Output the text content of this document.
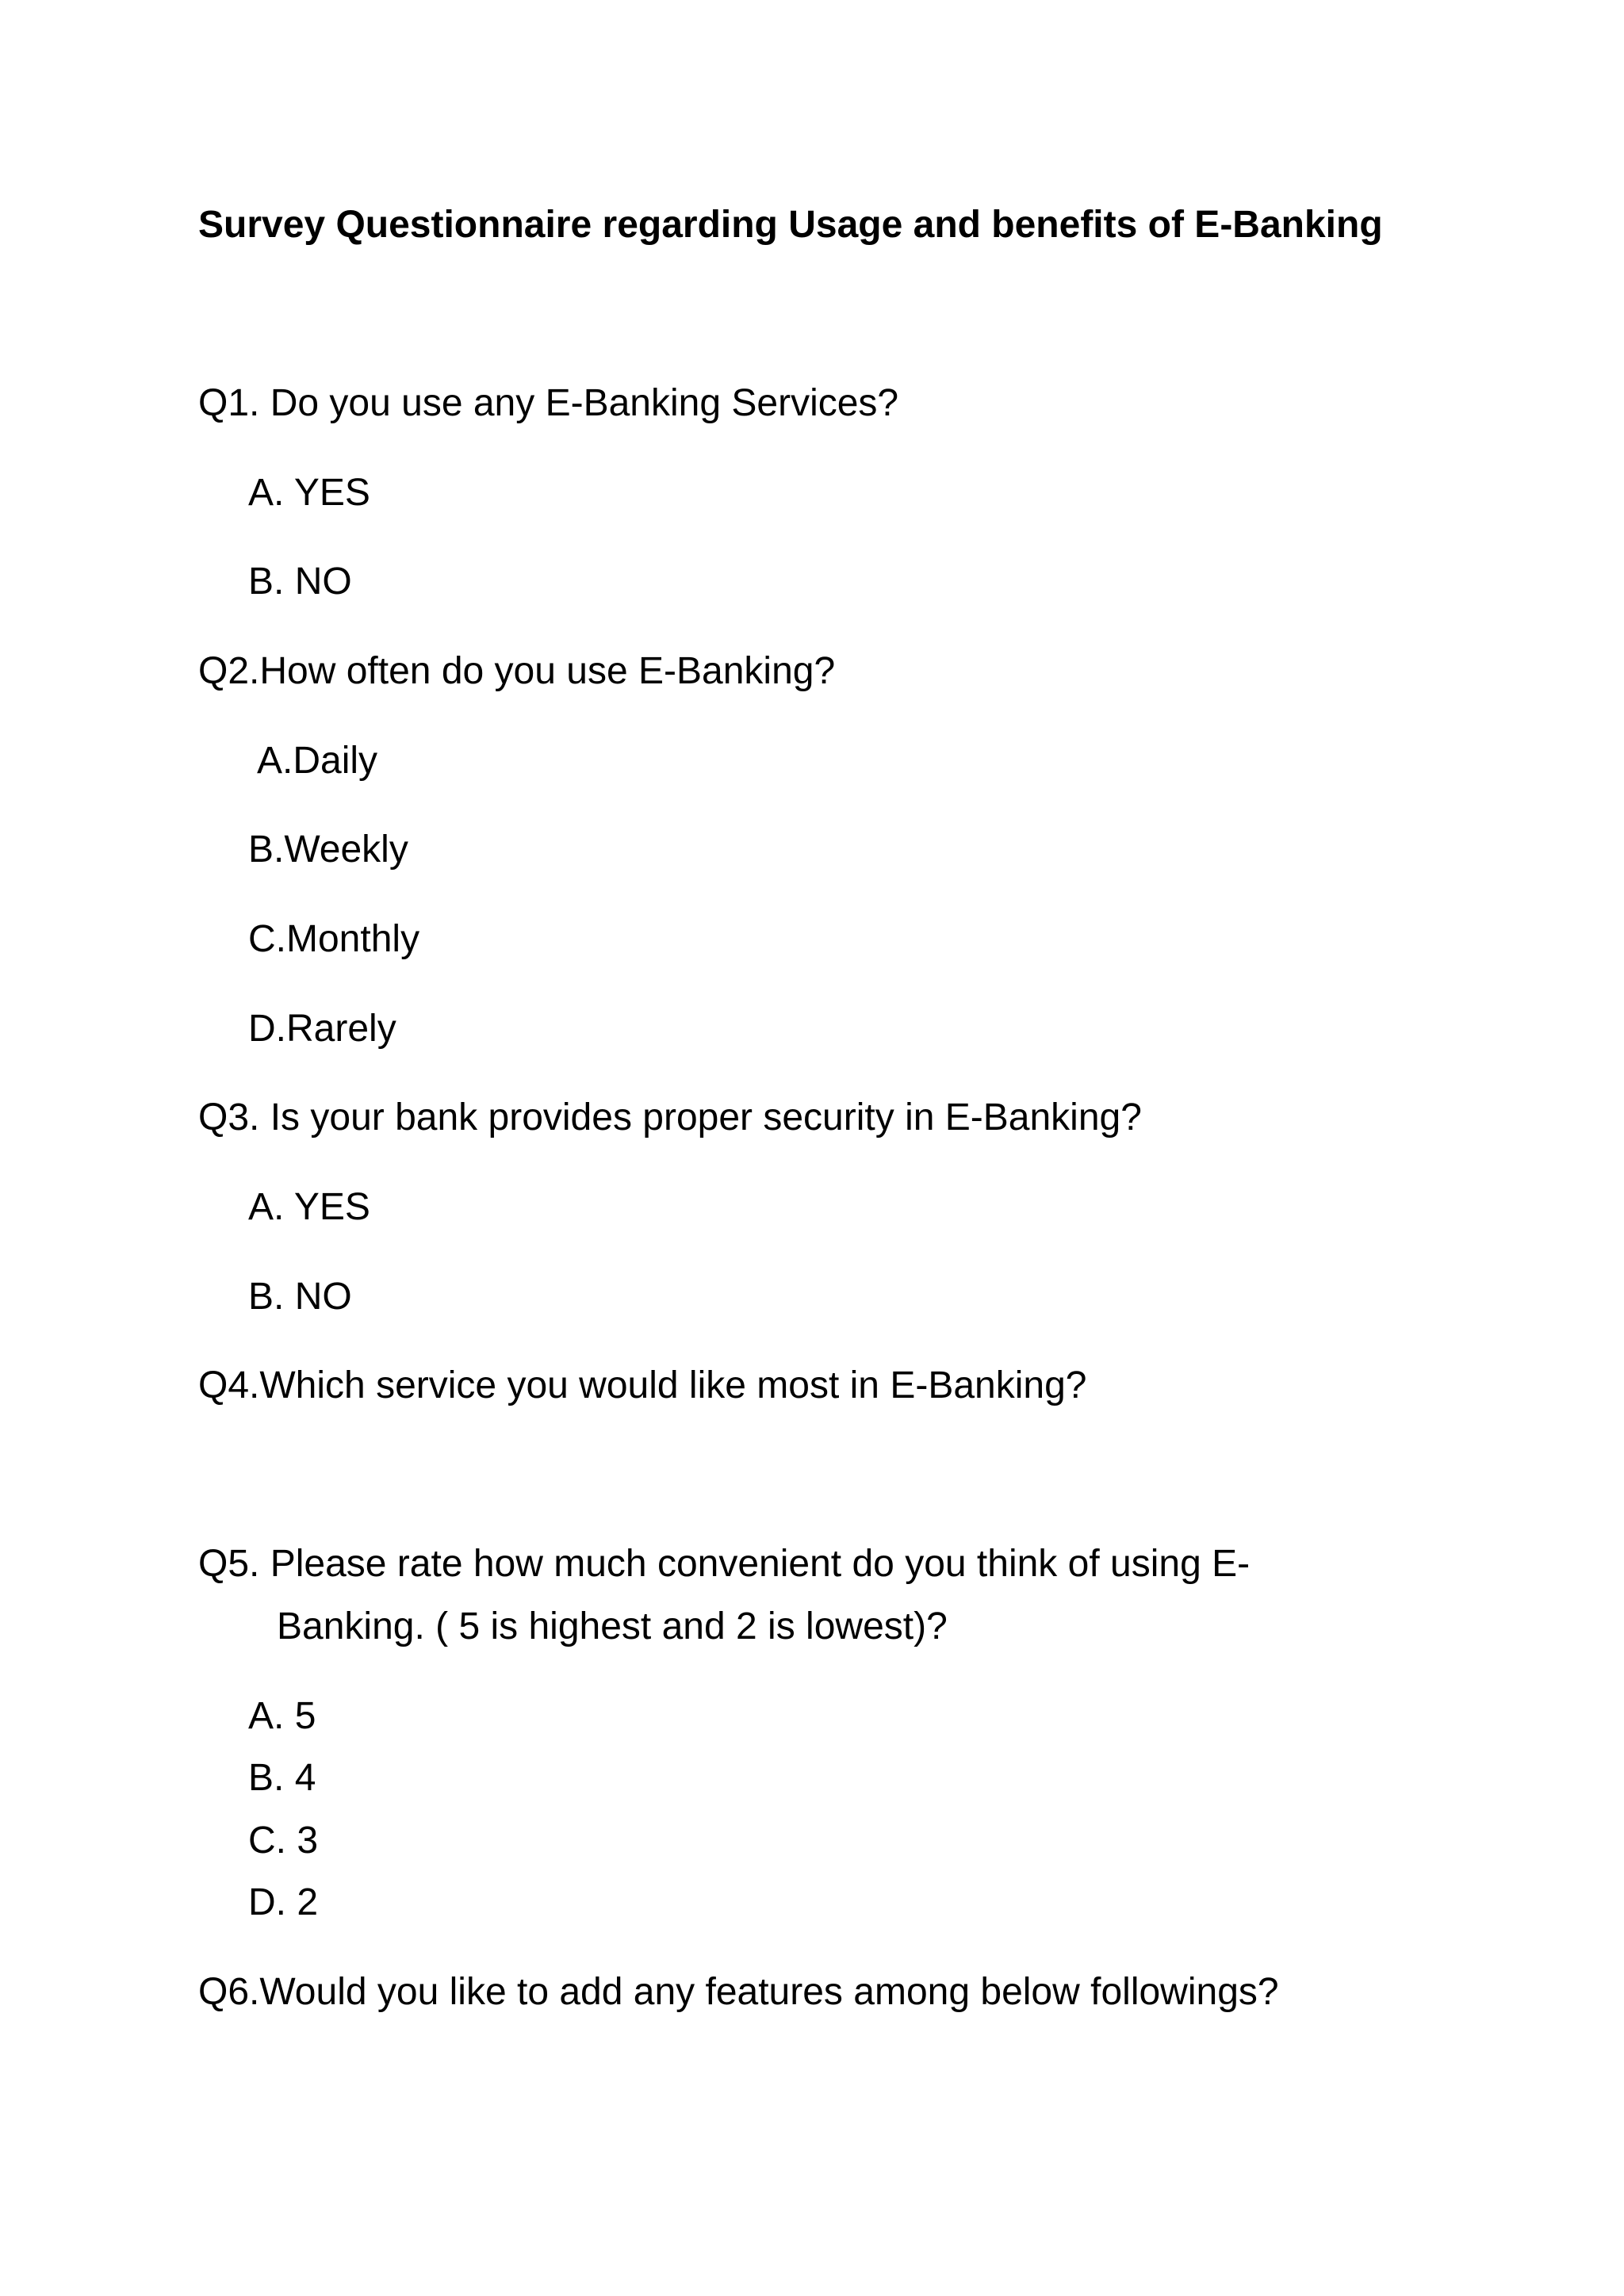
Survey Questionnaire regarding Usage and benefits of E-Banking
Q1. Do you use any E-Banking Services?
A. YES
B. NO
Q2.How often do you use E-Banking?
A.Daily
B.Weekly
C.Monthly
D.Rarely
Q3. Is your bank provides proper security in E-Banking?
A. YES
B. NO
Q4.Which service you would like most in E-Banking?
Q5. Please rate how much convenient do you think of using E-
Banking. ( 5 is highest and 2 is lowest)?
A. 5
B. 4
C. 3
D. 2
Q6.Would you like to add any features among below followings?
